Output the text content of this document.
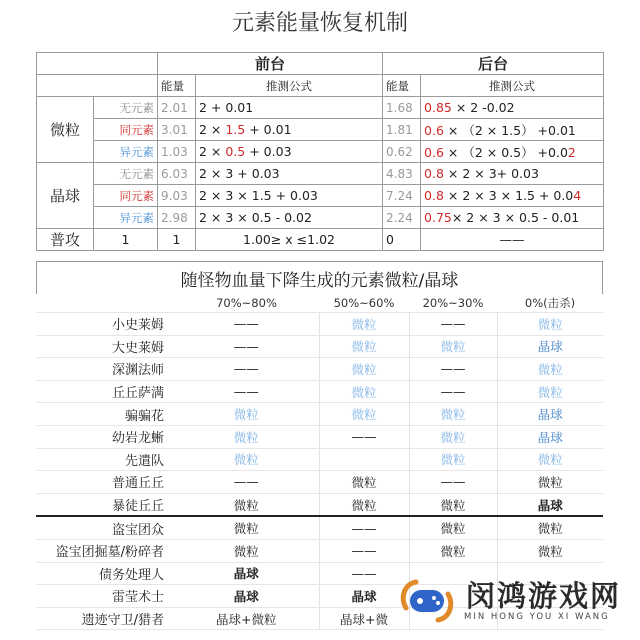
元素能量恢复机制
		前台		后台	
		能量	推测公式	能量	推测公式
微粒	无元素	2.01	2 + 0.01	1.68	0.85 × 2 -0.02
	同元素	3.01	2 × 1.5 + 0.01	1.81	0.6 × （2 × 1.5） +0.01
	异元素	1.03	2 × 0.5 + 0.03	0.62	0.6 × （2 × 0.5） +0.02
晶球	无元素	6.03	2 × 3 + 0.03	4.83	0.8 × 2 × 3+ 0.03
	同元素	9.03	2 × 3 × 1.5 + 0.03	7.24	0.8 × 2 × 3 × 1.5 + 0.04
	异元素	2.98	2 × 3 × 0.5 - 0.02	2.24	0.75× 2 × 3 × 0.5 - 0.01
普攻	1	1	1.00≥ x ≤1.02	0	——
随怪物血量下降生成的元素微粒/晶球
	70%~80%	50%~60%	20%~30%	0%(击杀)
小史莱姆	——	微粒	——	微粒
大史莱姆	——	微粒	微粒	晶球
深渊法师	——	微粒	——	微粒
丘丘萨满	——	微粒	——	微粒
骗骗花	微粒	微粒	微粒	晶球
幼岩龙蜥	微粒	——	微粒	晶球
先遣队	微粒		微粒	微粒
普通丘丘	——	微粒	——	微粒
暴徒丘丘	微粒	微粒	微粒	晶球
盗宝团众	微粒	——	微粒	微粒
盗宝团掘墓/粉碎者	微粒	——	微粒	微粒
债务处理人	晶球	——		
雷莹术士	晶球	晶球		
遗迹守卫/猎者	晶球+微粒	晶球+微		
闵鸿游戏网
MIN HONG YOU XI WANG
